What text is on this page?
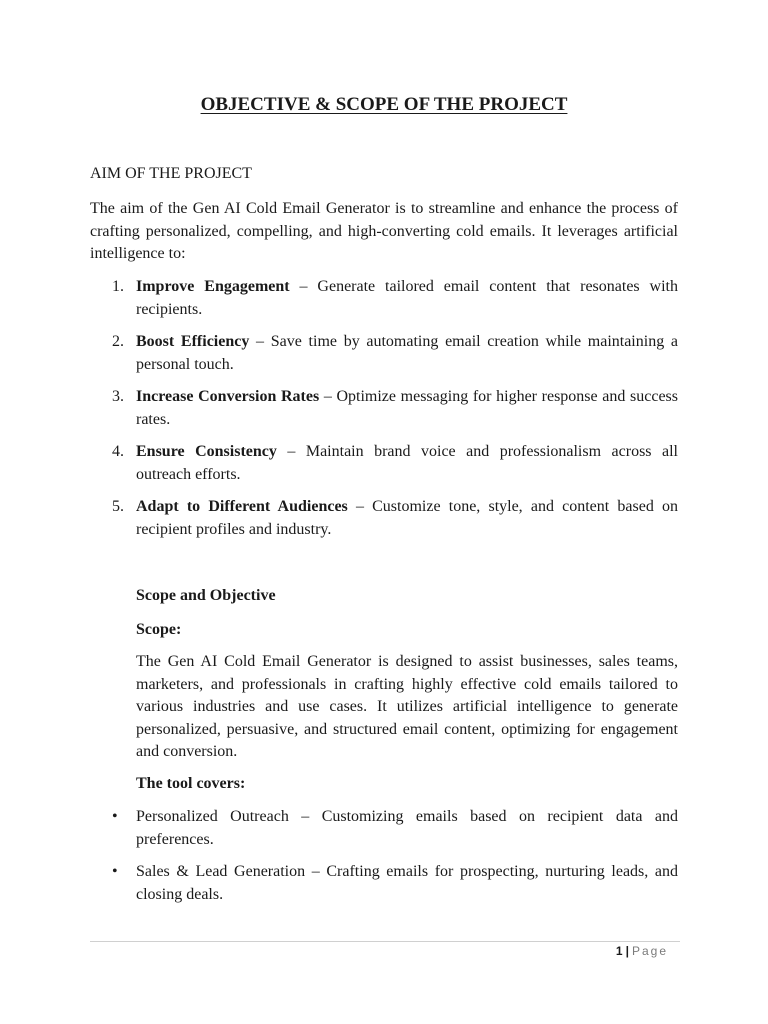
OBJECTIVE & SCOPE OF THE PROJECT

AIM OF THE PROJECT

The aim of the Gen AI Cold Email Generator is to streamline and enhance the process of crafting personalized, compelling, and high-converting cold emails. It leverages artificial intelligence to:

1. Improve Engagement – Generate tailored email content that resonates with recipients.
2. Boost Efficiency – Save time by automating email creation while maintaining a personal touch.
3. Increase Conversion Rates – Optimize messaging for higher response and success rates.
4. Ensure Consistency – Maintain brand voice and professionalism across all outreach efforts.
5. Adapt to Different Audiences – Customize tone, style, and content based on recipient profiles and industry.

Scope and Objective

Scope:

The Gen AI Cold Email Generator is designed to assist businesses, sales teams, marketers, and professionals in crafting highly effective cold emails tailored to various industries and use cases. It utilizes artificial intelligence to generate personalized, persuasive, and structured email content, optimizing for engagement and conversion.

The tool covers:

• Personalized Outreach – Customizing emails based on recipient data and preferences.
• Sales & Lead Generation – Crafting emails for prospecting, nurturing leads, and closing deals.
1 | Page
